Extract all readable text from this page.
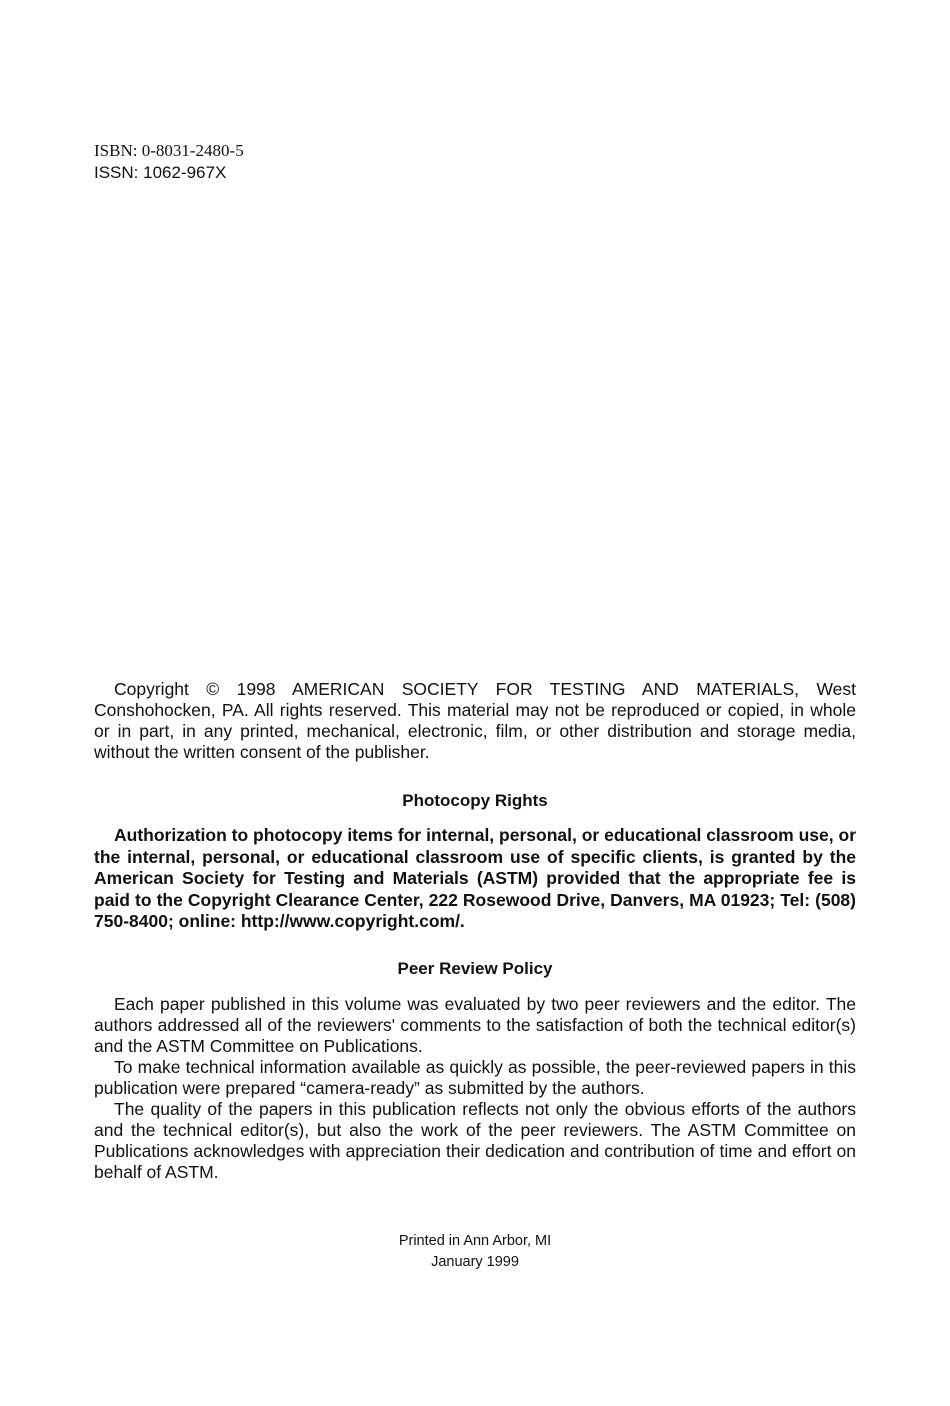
ISBN: 0-8031-2480-5
ISSN: 1062-967X

Copyright © 1998 AMERICAN SOCIETY FOR TESTING AND MATERIALS, West Conshohocken, PA. All rights reserved. This material may not be reproduced or copied, in whole or in part, in any printed, mechanical, electronic, film, or other distribution and storage media, without the written consent of the publisher.

Photocopy Rights

Authorization to photocopy items for internal, personal, or educational classroom use, or the internal, personal, or educational classroom use of specific clients, is granted by the American Society for Testing and Materials (ASTM) provided that the appropriate fee is paid to the Copyright Clearance Center, 222 Rosewood Drive, Danvers, MA 01923; Tel: (508) 750-8400; online: http://www.copyright.com/.

Peer Review Policy

Each paper published in this volume was evaluated by two peer reviewers and the editor. The authors addressed all of the reviewers' comments to the satisfaction of both the technical editor(s) and the ASTM Committee on Publications.

To make technical information available as quickly as possible, the peer-reviewed papers in this publication were prepared “camera-ready” as submitted by the authors.

The quality of the papers in this publication reflects not only the obvious efforts of the authors and the technical editor(s), but also the work of the peer reviewers. The ASTM Committee on Publications acknowledges with appreciation their dedication and contribution of time and effort on behalf of ASTM.

Printed in Ann Arbor, MI
January 1999
